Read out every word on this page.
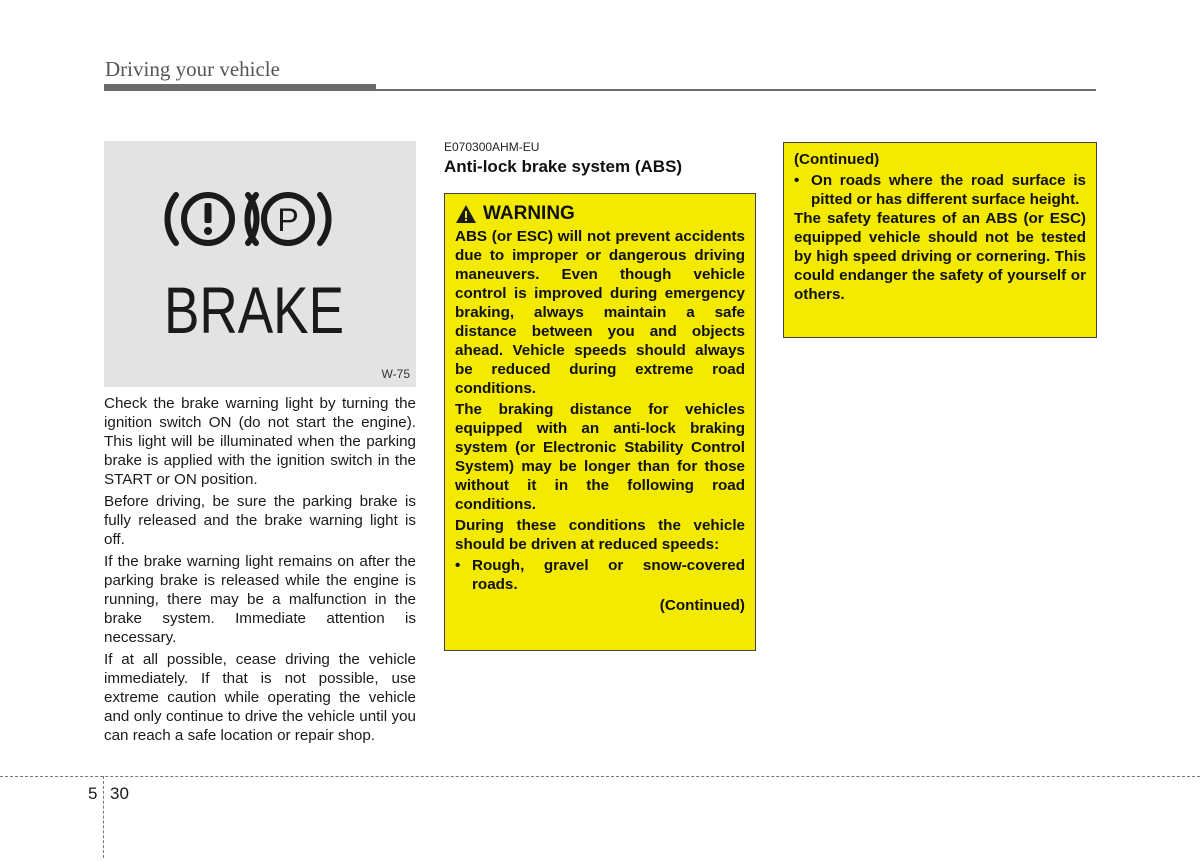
Driving your vehicle
P
BRAKE
W-75

Check the brake warning light by turning the ignition switch ON (do not start the engine). This light will be illuminated when the parking brake is applied with the ignition switch in the START or ON position.

Before driving, be sure the parking brake is fully released and the brake warning light is off.

If the brake warning light remains on after the parking brake is released while the engine is running, there may be a malfunction in the brake system. Immediate attention is necessary.

If at all possible, cease driving the vehicle immediately. If that is not possible, use extreme caution while operating the vehicle and only continue to drive the vehicle until you can reach a safe location or repair shop.

E070300AHM-EU
Anti-lock brake system (ABS)
WARNING

ABS (or ESC) will not prevent accidents due to improper or dangerous driving maneuvers. Even though vehicle control is improved during emergency braking, always maintain a safe distance between you and objects ahead. Vehicle speeds should always be reduced during extreme road conditions.

The braking distance for vehicles equipped with an anti-lock braking system (or Electronic Stability Control System) may be longer than for those without it in the following road conditions.

During these conditions the vehicle should be driven at reduced speeds:

• Rough, gravel or snow-covered roads.
(Continued)

(Continued)

• On roads where the road surface is pitted or has different surface height.

The safety features of an ABS (or ESC) equipped vehicle should not be tested by high speed driving or cornering. This could endanger the safety of yourself or others.

5 30
